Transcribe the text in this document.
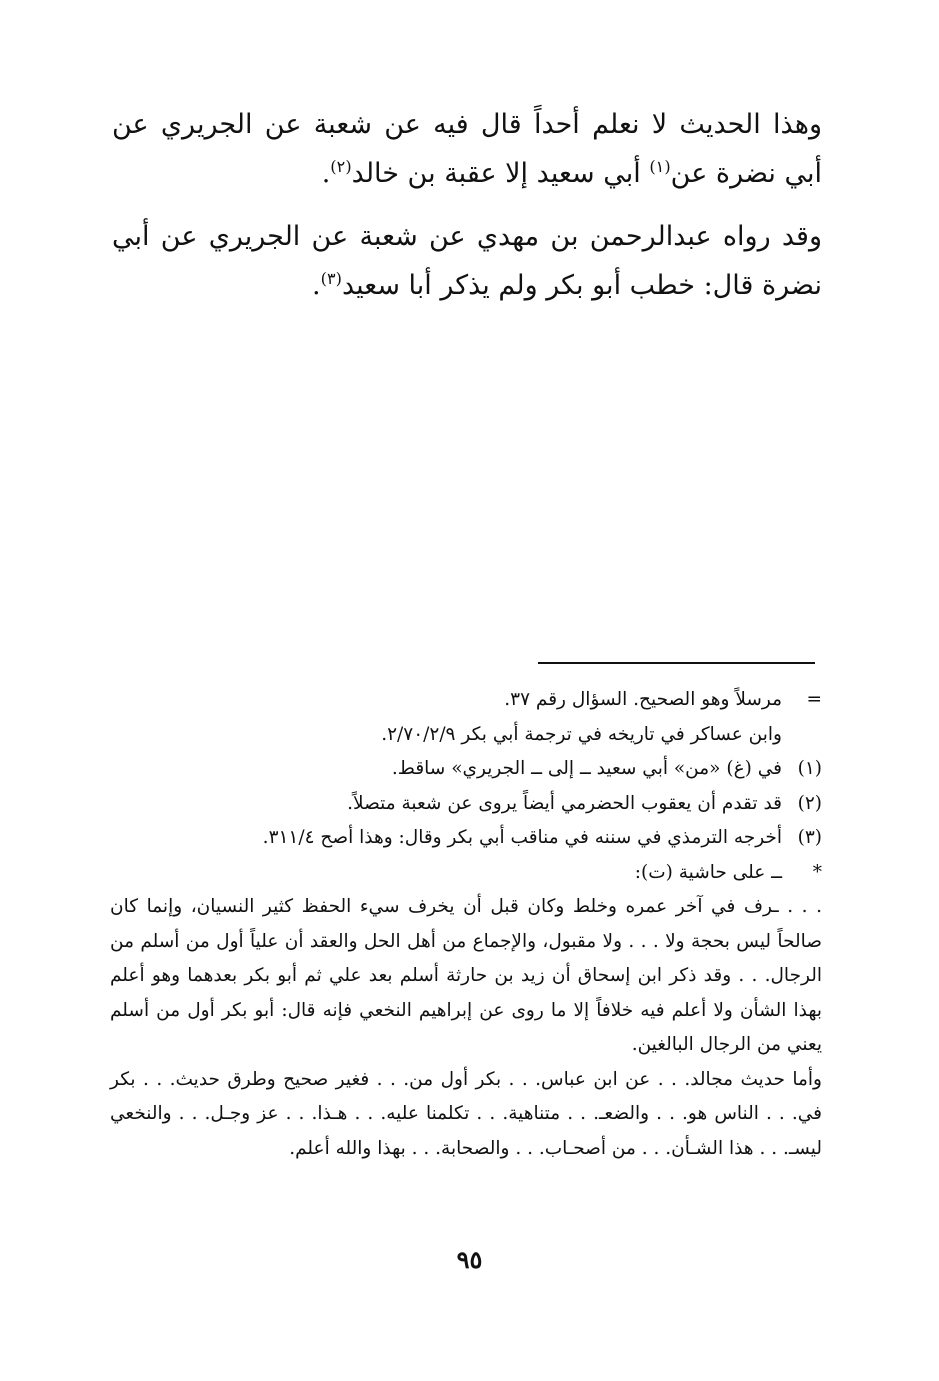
وهذا الحديث لا نعلم أحداً قال فيه عن شعبة عن الجريري عن أبي نضرة عن$^{(١)}$ أبي سعيد إلا عقبة بن خالد$^{(٢)}$.

وقد رواه عبدالرحمن بن مهدي عن شعبة عن الجريري عن أبي نضرة قال: خطب أبو بكر ولم يذكر أبا سعيد$^{(٣)}$.

=
مرسلاً وهو الصحيح. السؤال رقم ٣٧.
وابن عساكر في تاريخه في ترجمة أبي بكر ٢/٧٠/٢/٩.
(١)
في (غ) «من» أبي سعيد ــ إلى ــ الجريري» ساقط.
(٢)
قد تقدم أن يعقوب الحضرمي أيضاً يروى عن شعبة متصلاً.
(٣)
أخرجه الترمذي في سننه في مناقب أبي بكر وقال: وهذا أصح ٣١١/٤.
*
ــ على حاشية (ت):

. . . ـرف في آخر عمره وخلط وكان قبل أن يخرف سيء الحفظ كثير النسيان، وإنما كان صالحاً ليس بحجة ولا . . . ولا مقبول، والإجماع من أهل الحل والعقد أن علياً أول من أسلم من الرجال. . . وقد ذكر ابن إسحاق أن زيد بن حارثة أسلم بعد علي ثم أبو بكر بعدهما وهو أعلم بهذا الشأن ولا أعلم فيه خلافاً إلا ما روى عن إبراهيم النخعي فإنه قال: أبو بكر أول من أسلم يعني من الرجال البالغين.

وأما حديث مجالد. . . عن ابن عباس. . . بكر أول من. . . فغير صحيح وطرق حديث. . . بكر في. . . الناس هو. . . والضعـ. . . متناهية. . . تكلمنا عليه. . . هـذا. . . عز وجـل. . . والنخعي ليسـ. . . هذا الشـأن. . . من أصحـاب. . . والصحابة. . . بهذا والله أعلم.

٩٥
